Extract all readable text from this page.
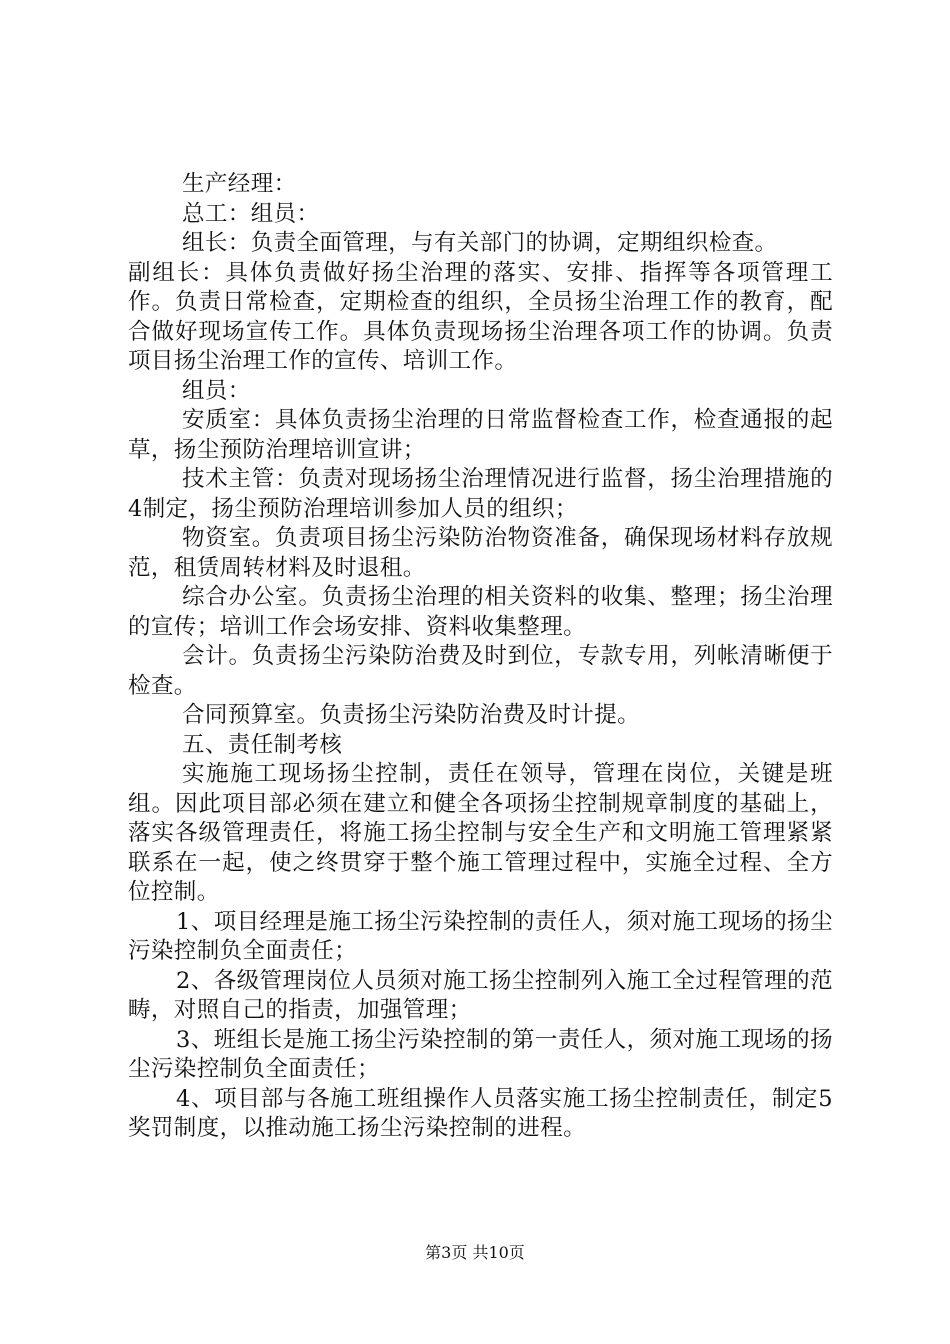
生产经理：

总工：组员：

组长：负责全面管理，与有关部门的协调，定期组织检查。

副组长：具体负责做好扬尘治理的落实、安排、指挥等各项管理工作。负责日常检查，定期检查的组织，全员扬尘治理工作的教育，配合做好现场宣传工作。具体负责现场扬尘治理各项工作的协调。负责项目扬尘治理工作的宣传、培训工作。

组员：

安质室：具体负责扬尘治理的日常监督检查工作，检查通报的起草，扬尘预防治理培训宣讲；

技术主管：负责对现场扬尘治理情况进行监督，扬尘治理措施的4制定，扬尘预防治理培训参加人员的组织；

物资室。负责项目扬尘污染防治物资准备，确保现场材料存放规范，租赁周转材料及时退租。

综合办公室。负责扬尘治理的相关资料的收集、整理；扬尘治理的宣传；培训工作会场安排、资料收集整理。

会计。负责扬尘污染防治费及时到位，专款专用，列帐清晰便于检查。

合同预算室。负责扬尘污染防治费及时计提。

五、责任制考核

实施施工现场扬尘控制，责任在领导，管理在岗位，关键是班组。因此项目部必须在建立和健全各项扬尘控制规章制度的基础上，落实各级管理责任，将施工扬尘控制与安全生产和文明施工管理紧紧联系在一起，使之终贯穿于整个施工管理过程中，实施全过程、全方位控制。

1、项目经理是施工扬尘污染控制的责任人，须对施工现场的扬尘污染控制负全面责任；

2、各级管理岗位人员须对施工扬尘控制列入施工全过程管理的范畴，对照自己的指责，加强管理；

3、班组长是施工扬尘污染控制的第一责任人，须对施工现场的扬尘污染控制负全面责任；

4、项目部与各施工班组操作人员落实施工扬尘控制责任，制定5奖罚制度，以推动施工扬尘污染控制的进程。

第3页 共10页
